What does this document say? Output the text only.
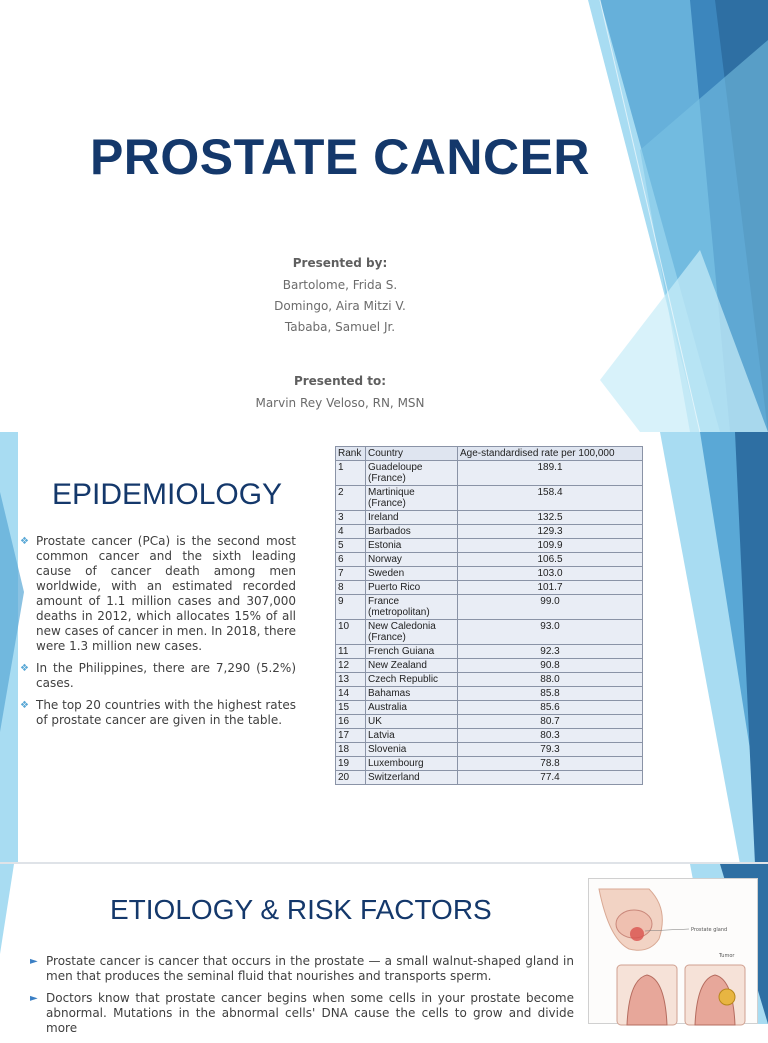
PROSTATE CANCER
Presented by:
Bartolome, Frida S.
Domingo, Aira Mitzi V.
Tababa, Samuel Jr.
Presented to:
Marvin Rey Veloso, RN, MSN
EPIDEMIOLOGY
❖ Prostate cancer (PCa) is the second most common cancer and the sixth leading cause of cancer death among men worldwide, with an estimated recorded amount of 1.1 million cases and 307,000 deaths in 2012, which allocates 15% of all new cases of cancer in men. In 2018, there were 1.3 million new cases.
❖ In the Philippines, there are 7,290 (5.2%) cases.
❖ The top 20 countries with the highest rates of prostate cancer are given in the table.
Rank	Country	Age-standardised rate per 100,000
1	Guadeloupe (France)	189.1
2	Martinique (France)	158.4
3	Ireland	132.5
4	Barbados	129.3
5	Estonia	109.9
6	Norway	106.5
7	Sweden	103.0
8	Puerto Rico	101.7
9	France (metropolitan)	99.0
10	New Caledonia (France)	93.0
11	French Guiana	92.3
12	New Zealand	90.8
13	Czech Republic	88.0
14	Bahamas	85.8
15	Australia	85.6
16	UK	80.7
17	Latvia	80.3
18	Slovenia	79.3
19	Luxembourg	78.8
20	Switzerland	77.4
ETIOLOGY & RISK FACTORS
► Prostate cancer is cancer that occurs in the prostate — a small walnut-shaped gland in men that produces the seminal fluid that nourishes and transports sperm.
► Doctors know that prostate cancer begins when some cells in your prostate become abnormal. Mutations in the abnormal cells' DNA cause the cells to grow and divide more
Prostate gland
Tumor
